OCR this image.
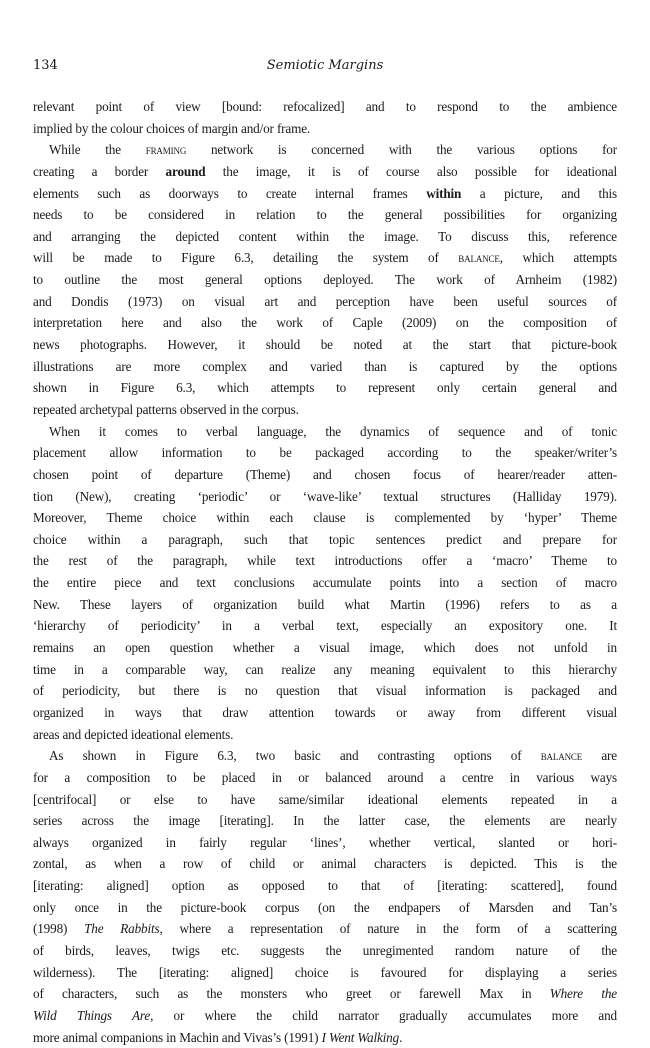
134	Semiotic Margins
relevant point of view [bound: refocalized] and to respond to the ambience
implied by the colour choices of margin and/or frame.
While the framing network is concerned with the various options for
creating a border around the image, it is of course also possible for ideational
elements such as doorways to create internal frames within a picture, and this
needs to be considered in relation to the general possibilities for organizing
and arranging the depicted content within the image. To discuss this, reference
will be made to Figure 6.3, detailing the system of balance, which attempts
to outline the most general options deployed. The work of Arnheim (1982)
and Dondis (1973) on visual art and perception have been useful sources of
interpretation here and also the work of Caple (2009) on the composition of
news photographs. However, it should be noted at the start that picture-book
illustrations are more complex and varied than is captured by the options
shown in Figure 6.3, which attempts to represent only certain general and
repeated archetypal patterns observed in the corpus.
When it comes to verbal language, the dynamics of sequence and of tonic
placement allow information to be packaged according to the speaker/writer’s
chosen point of departure (Theme) and chosen focus of hearer/reader atten-
tion (New), creating ‘periodic’ or ‘wave-like’ textual structures (Halliday 1979).
Moreover, Theme choice within each clause is complemented by ‘hyper’ Theme
choice within a paragraph, such that topic sentences predict and prepare for
the rest of the paragraph, while text introductions offer a ‘macro’ Theme to
the entire piece and text conclusions accumulate points into a section of macro
New. These layers of organization build what Martin (1996) refers to as a
‘hierarchy of periodicity’ in a verbal text, especially an expository one. It
remains an open question whether a visual image, which does not unfold in
time in a comparable way, can realize any meaning equivalent to this hierarchy
of periodicity, but there is no question that visual information is packaged and
organized in ways that draw attention towards or away from different visual
areas and depicted ideational elements.
As shown in Figure 6.3, two basic and contrasting options of balance are
for a composition to be placed in or balanced around a centre in various ways
[centrifocal] or else to have same/similar ideational elements repeated in a
series across the image [iterating]. In the latter case, the elements are nearly
always organized in fairly regular ‘lines’, whether vertical, slanted or hori-
zontal, as when a row of child or animal characters is depicted. This is the
[iterating: aligned] option as opposed to that of [iterating: scattered], found
only once in the picture-book corpus (on the endpapers of Marsden and Tan’s
(1998) The Rabbits, where a representation of nature in the form of a scattering
of birds, leaves, twigs etc. suggests the unregimented random nature of the
wilderness). The [iterating: aligned] choice is favoured for displaying a series
of characters, such as the monsters who greet or farewell Max in Where the
Wild Things Are, or where the child narrator gradually accumulates more and
more animal companions in Machin and Vivas’s (1991) I Went Walking.
